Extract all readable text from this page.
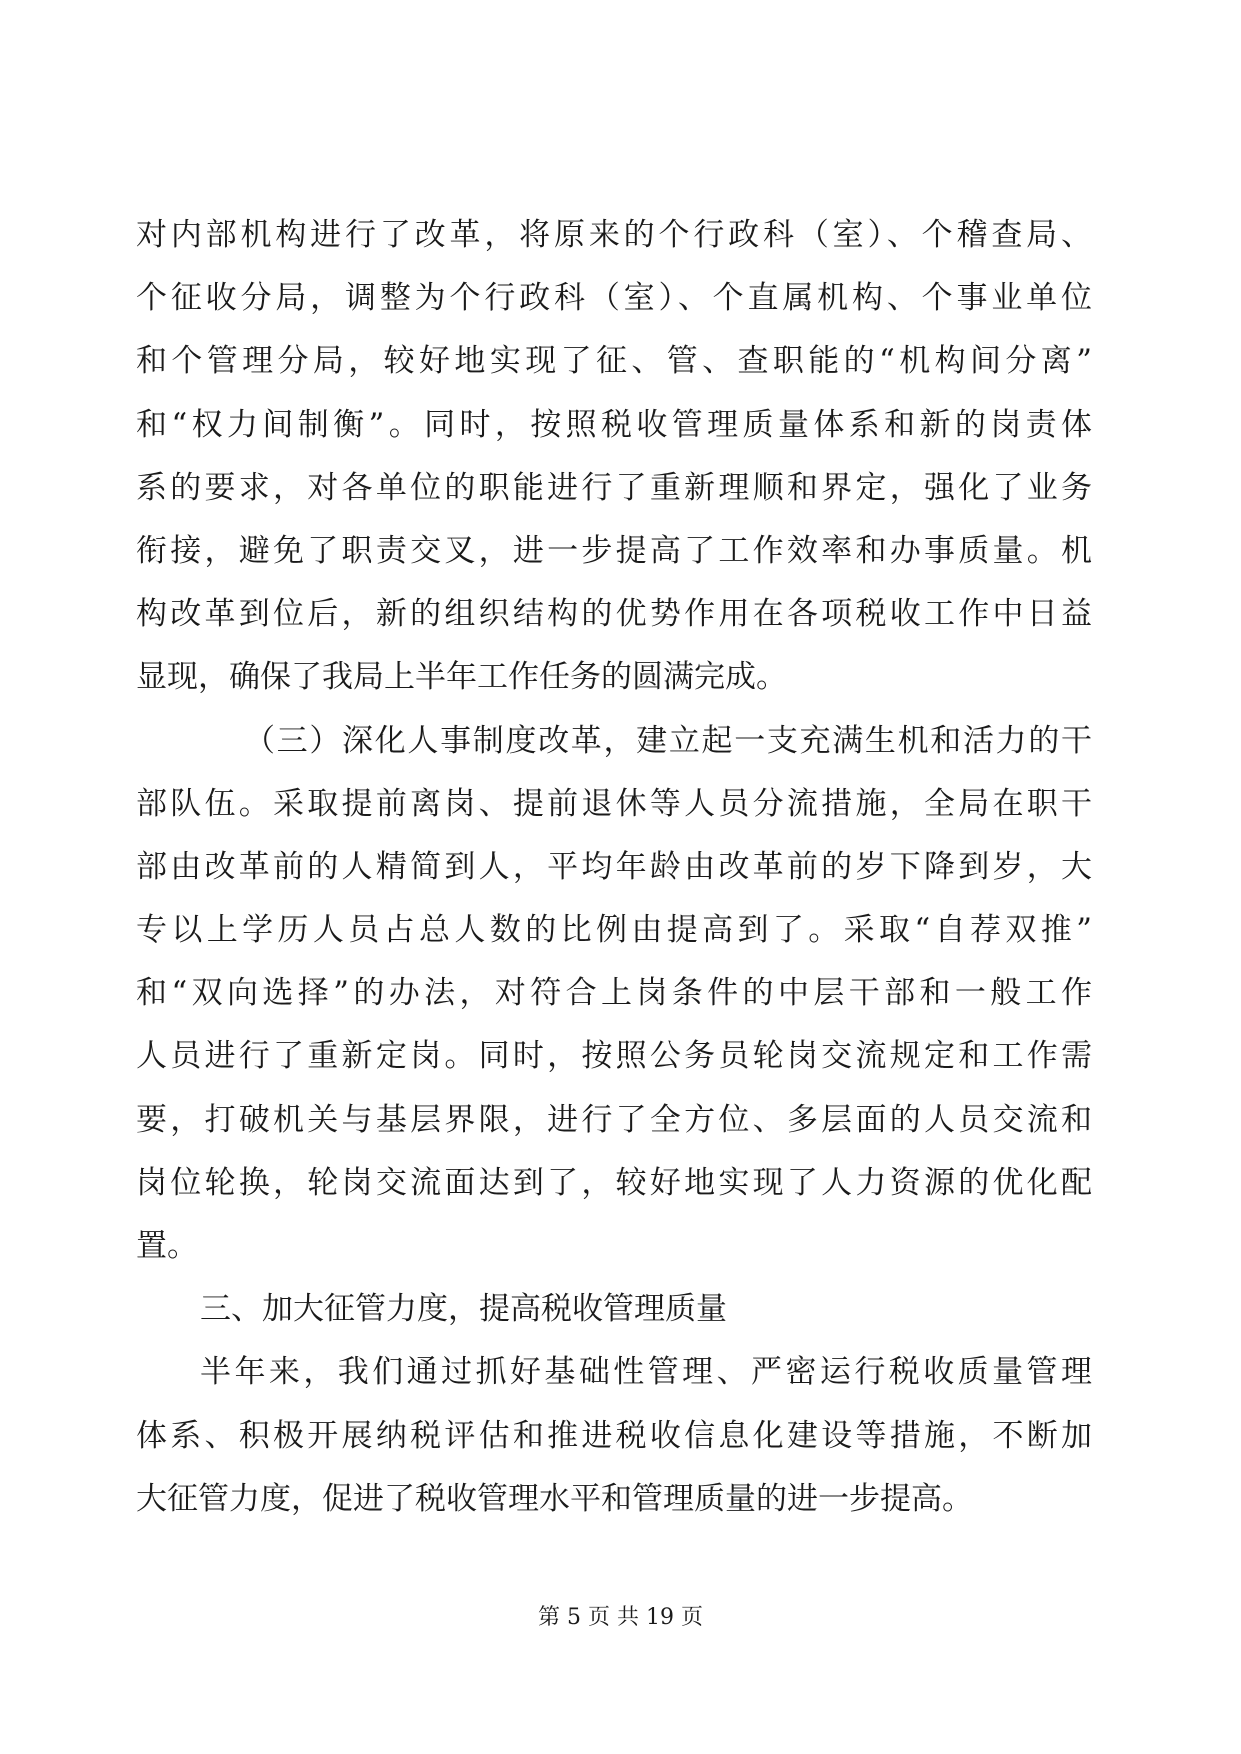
对内部机构进行了改革，将原来的个行政科（室）、个稽查局、
个征收分局，调整为个行政科（室）、个直属机构、个事业单位
和个管理分局，较好地实现了征、管、查职能的“机构间分离”
和“权力间制衡”。同时，按照税收管理质量体系和新的岗责体
系的要求，对各单位的职能进行了重新理顺和界定，强化了业务
衔接，避免了职责交叉，进一步提高了工作效率和办事质量。机
构改革到位后，新的组织结构的优势作用在各项税收工作中日益
显现，确保了我局上半年工作任务的圆满完成。
（三）深化人事制度改革，建立起一支充满生机和活力的干
部队伍。采取提前离岗、提前退休等人员分流措施，全局在职干
部由改革前的人精简到人，平均年龄由改革前的岁下降到岁，大
专以上学历人员占总人数的比例由提高到了。采取“自荐双推”
和“双向选择”的办法，对符合上岗条件的中层干部和一般工作
人员进行了重新定岗。同时，按照公务员轮岗交流规定和工作需
要，打破机关与基层界限，进行了全方位、多层面的人员交流和
岗位轮换，轮岗交流面达到了，较好地实现了人力资源的优化配
置。
三、加大征管力度，提高税收管理质量
半年来，我们通过抓好基础性管理、严密运行税收质量管理
体系、积极开展纳税评估和推进税收信息化建设等措施，不断加
大征管力度，促进了税收管理水平和管理质量的进一步提高。
第 5 页 共 19 页
